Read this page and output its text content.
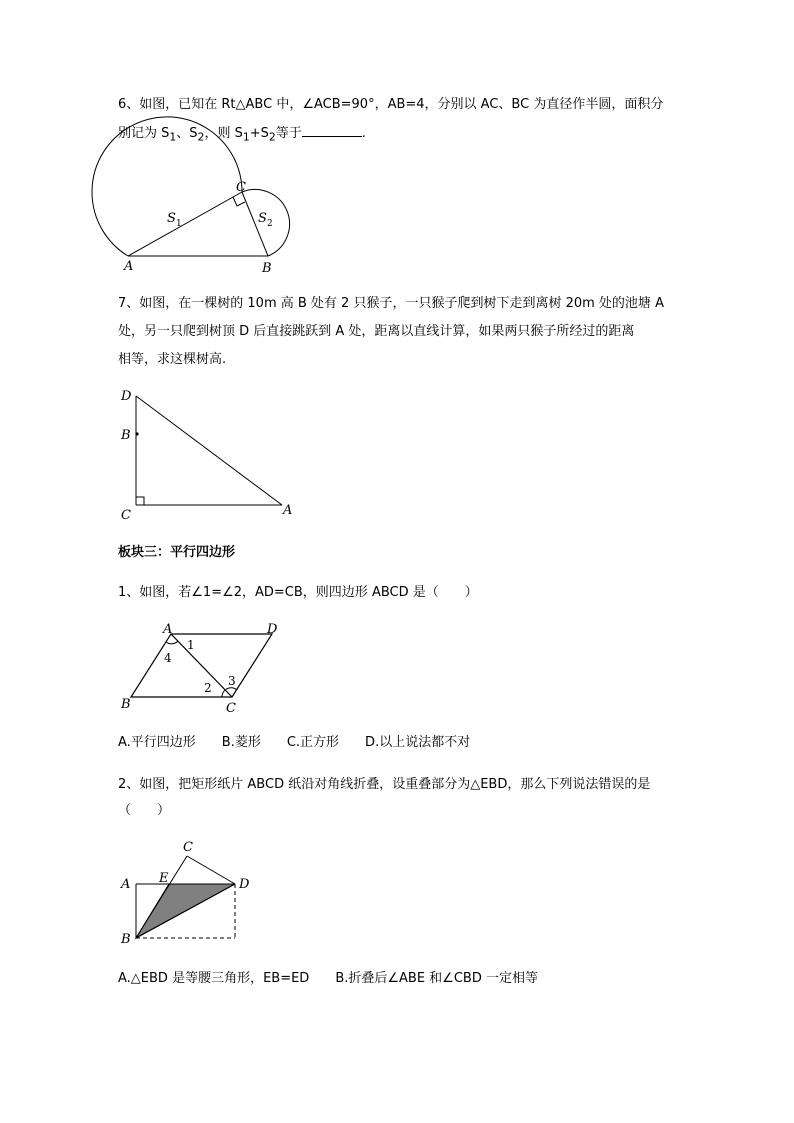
6、如图，已知在 Rt△ABC 中，∠ACB=90°，AB=4，分别以 AC、BC 为直径作半圆，面积分
别记为 $S_1$、$S_2$，则 $S_1+S_2$等于	.
A	B
C
S 1	S 2
7、如图，在一棵树的 10m 高 B 处有 2 只猴子，一只猴子爬到树下走到离树 20m 处的池塘 A
处，另一只爬到树顶 D 后直接跳跃到 A 处，距离以直线计算，如果两只猴子所经过的距离
相等，求这棵树高.
D
B
C	A
板块三：平行四边形
1、如图，若∠1=∠2，AD=CB，则四边形 ABCD 是（　　）
A	D
B	C
1
4
2 3
A.平行四边形　　B.菱形　　C.正方形　　D.以上说法都不对
2、如图，把矩形纸片 ABCD 纸沿对角线折叠，设重叠部分为△EBD，那么下列说法错误的是
（　　）
C
A E	D
B
A.△EBD 是等腰三角形，EB=ED　　B.折叠后∠ABE 和∠CBD 一定相等
